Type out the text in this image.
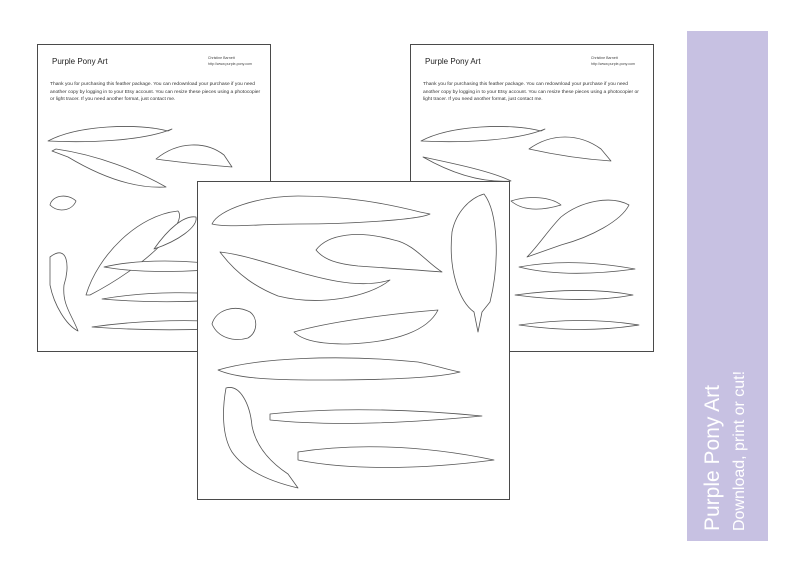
Purple Pony Art	Christine Barnett
http://www.purple-pony.com
Thank you for purchasing this feather package. You can redownload your purchase if you need another copy by logging in to your Etsy account. You can resize these pieces using a photocopier or light tracer. If you need another format, just contact me.
Purple Pony Art	Christine Barnett
http://www.purple-pony.com
Thank you for purchasing this feather package. You can redownload your purchase if you need another copy by logging in to your Etsy account. You can resize these pieces using a photocopier or light tracer. If you need another format, just contact me.
Purple Pony Art Download, print or cut!
